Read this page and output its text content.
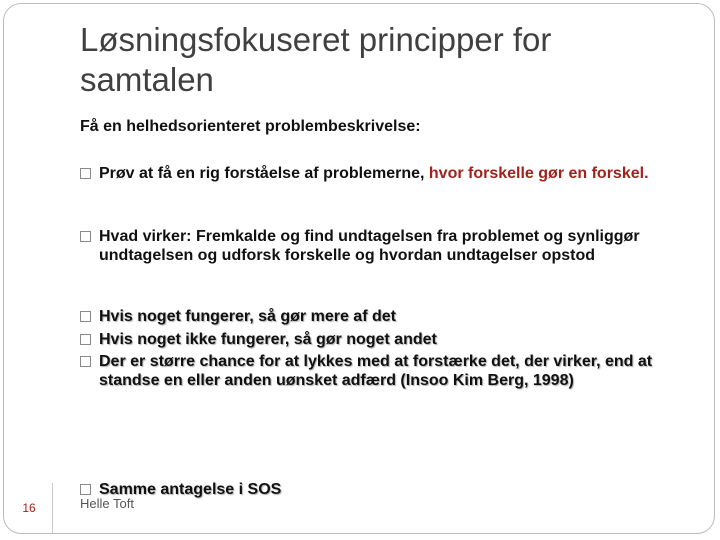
Løsningsfokuseret principper for
samtalen
Få en helhedsorienteret problembeskrivelse:
Prøv at få en rig forståelse af problemerne, hvor forskelle gør en forskel.
Hvad virker: Fremkalde og find undtagelsen fra problemet og synliggør undtagelsen og udforsk forskelle og hvordan undtagelser opstod
Hvis noget fungerer, så gør mere af det
Hvis noget ikke fungerer, så gør noget andet
Der er større chance for at lykkes med at forstærke det, der virker, end at standse en eller anden uønsket adfærd (Insoo Kim Berg, 1998)
Samme antagelse i SOS
Helle Toft
16
